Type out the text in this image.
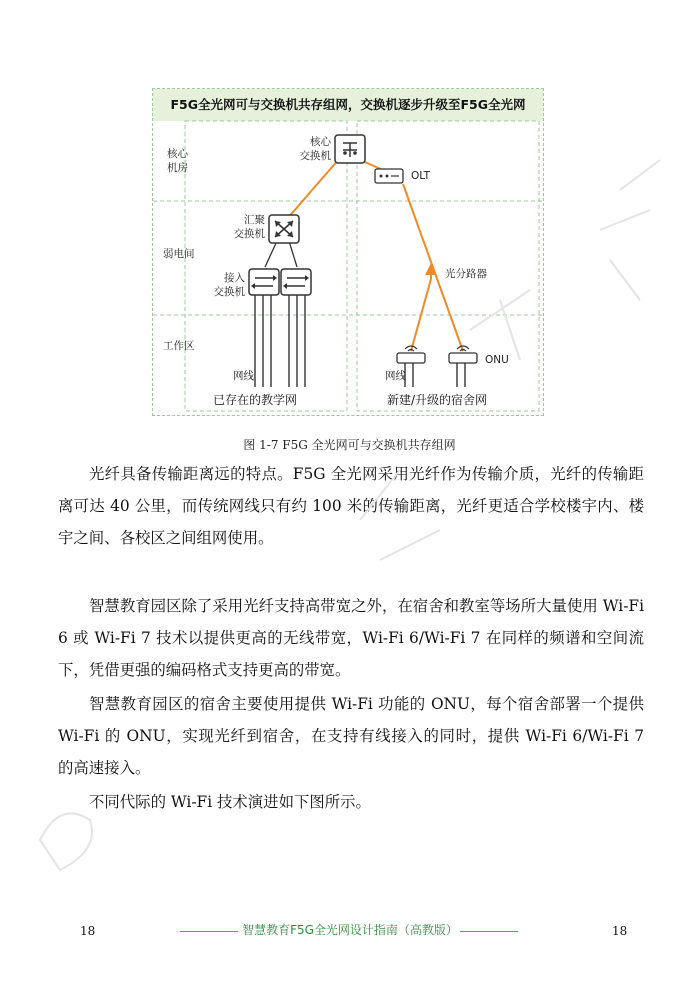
F5G全光网可与交换机共存组网，交换机逐步升级至F5G全光网
核心
机房
弱电间
工作区
核心
交换机
OLT
汇聚
交换机
接入
交换机
光分路器
ONU
网线	网线
已存在的教学网	新建/升级的宿舍网
图 1-7 F5G 全光网可与交换机共存组网

光纤具备传输距离远的特点。F5G 全光网采用光纤作为传输介质，光纤的传输距离可达 40 公里，而传统网线只有约 100 米的传输距离，光纤更适合学校楼宇内、楼宇之间、各校区之间组网使用。

智慧教育园区除了采用光纤支持高带宽之外，在宿舍和教室等场所大量使用 Wi-Fi 6 或 Wi-Fi 7 技术以提供更高的无线带宽，Wi-Fi 6/Wi-Fi 7 在同样的频谱和空间流下，凭借更强的编码格式支持更高的带宽。

智慧教育园区的宿舍主要使用提供 Wi-Fi 功能的 ONU，每个宿舍部署一个提供 Wi-Fi 的 ONU，实现光纤到宿舍，在支持有线接入的同时，提供 Wi-Fi 6/Wi-Fi 7 的高速接入。

不同代际的 Wi-Fi 技术演进如下图所示。

18	智慧教育F5G全光网设计指南（高教版）	18
